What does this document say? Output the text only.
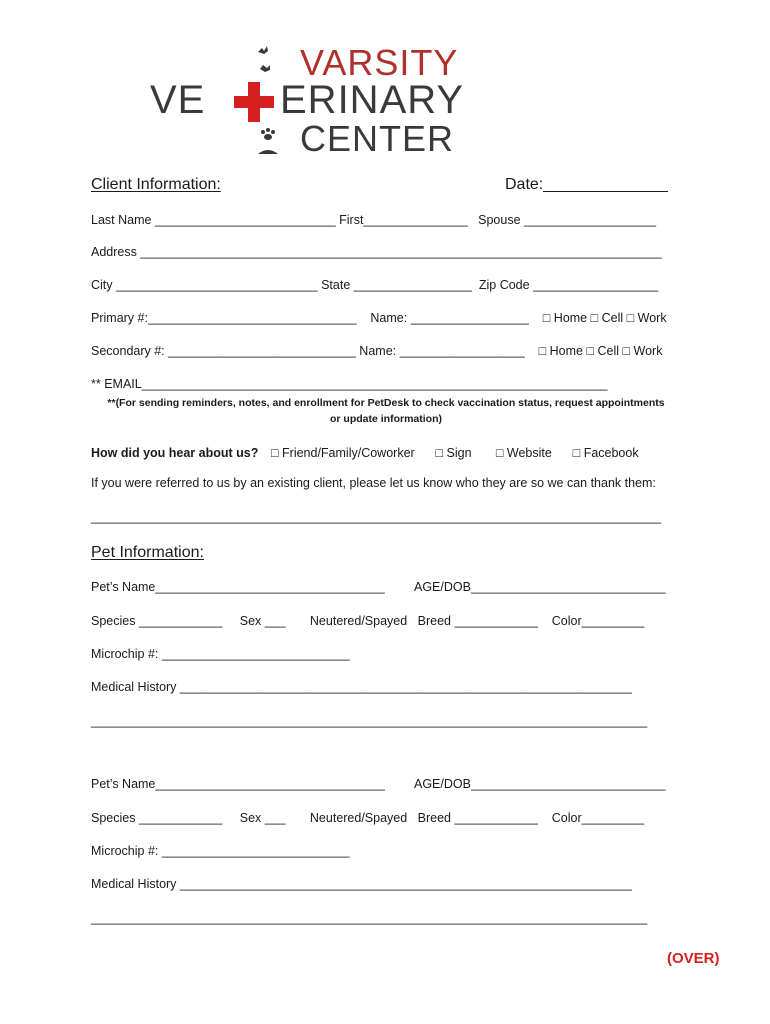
VARSITY
VE ERINARY
CENTER
Client Information:	Date:______________
Last Name __________________________ First_______________   Spouse ___________________
Address ___________________________________________________________________________
City _____________________________ State _________________  Zip Code __________________
Primary #:______________________________    Name: _________________    □ Home □ Cell □ Work
Secondary #: ___________________________ Name: __________________    □ Home □ Cell □ Work
** EMAIL___________________________________________________________________
**(For sending reminders, notes, and enrollment for PetDesk to check vaccination status, request appointments
or update information)
How did you hear about us? □ Friend/Family/Coworker      □ Sign       □ Website      □ Facebook
If you were referred to us by an existing client, please let us know who they are so we can thank them:
__________________________________________________________________________________
Pet Information:
Pet’s Name_________________________________ AGE/DOB____________________________
Species ____________     Sex ___       Neutered/Spayed   Breed ____________    Color_________
Microchip #: ___________________________
Medical History _________________________________________________________________
________________________________________________________________________________
Pet’s Name_________________________________ AGE/DOB____________________________
Species ____________     Sex ___       Neutered/Spayed   Breed ____________    Color_________
Microchip #: ___________________________
Medical History _________________________________________________________________
________________________________________________________________________________
(OVER)
